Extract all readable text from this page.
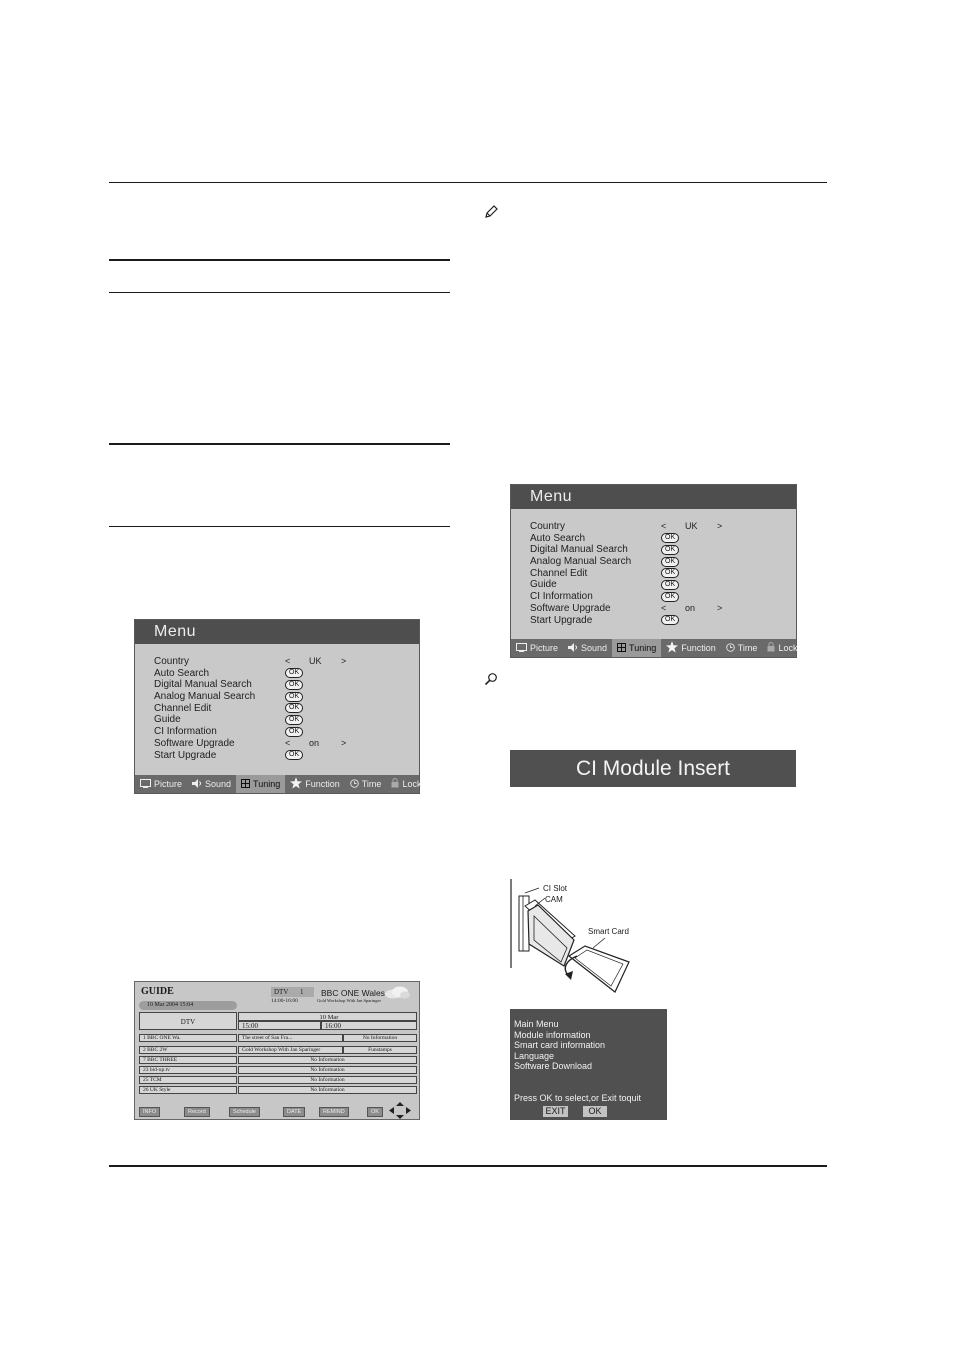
Menu
Country	< UK >
Auto Search	OK
Digital Manual Search	OK
Analog Manual Search	OK
Channel Edit	OK
Guide	OK
CI Information	OK
Software Upgrade	< on >
Start Upgrade	OK
Picture	Sound Tuning	Function Time Lock
Menu
Country	< UK >
Auto Search	OK
Digital Manual Search	OK
Analog Manual Search	OK
Channel Edit	OK
Guide	OK
CI Information	OK
Software Upgrade	< on >
Start Upgrade	OK
Picture	Sound Tuning	Function Time Lock
GUIDE
10 Mar 2004 15:04
DTV 1	BBC ONE Wales
14:00-16:00	Gold Workshop With Jan Sparinger
DTV
10 Mar
15:00	16:00
1 BBC ONE Wa.	The street of San Fra...	No Information
2 BBC 2W	Gold Workshop With Jan Sparinger	Funstamps
7 BBC THREE	No Information
23 bid-up.tv	No Information
25 TCM	No Information
26 UK Style	No Information
INFO	Record	Schedule	DATE	REMIND	OK
CI Module Insert
CI Slot
CAM
Smart Card
Main Menu
Module information
Smart card information
Language
Software Download
Press OK to select,or Exit toquit
EXIT	OK
